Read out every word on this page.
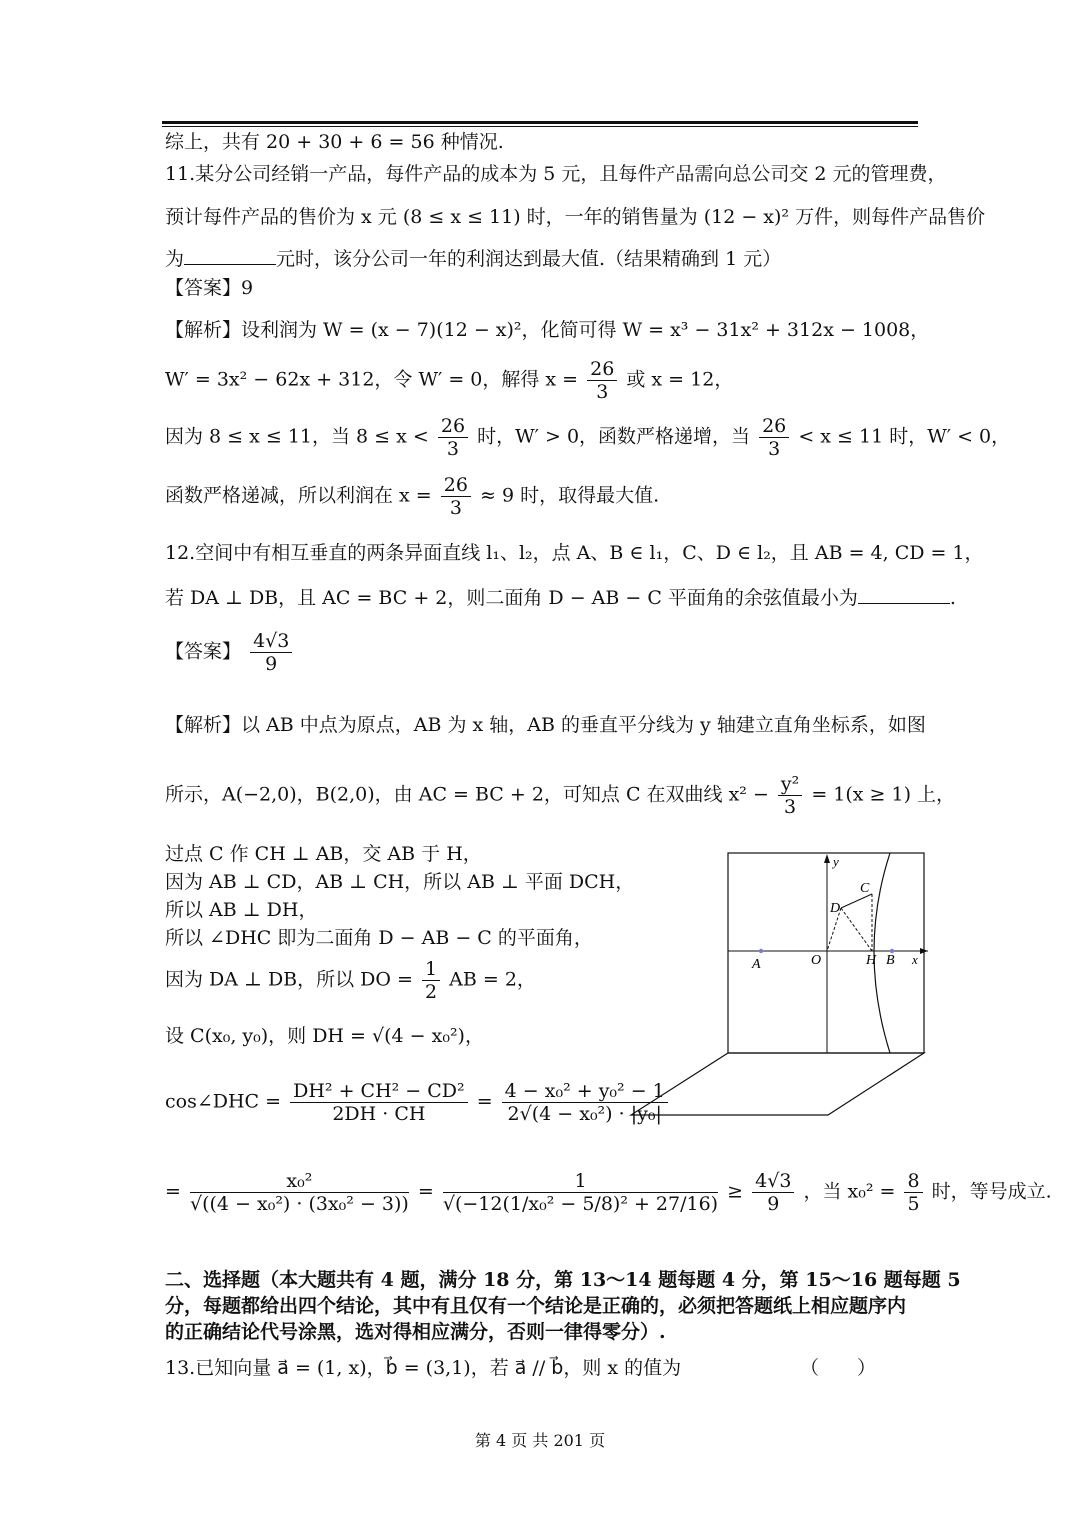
综上，共有 20 + 30 + 6 = 56 种情况.
11.某分公司经销一产品，每件产品的成本为 5 元，且每件产品需向总公司交 2 元的管理费，
预计每件产品的售价为 x 元 (8 ≤ x ≤ 11) 时，一年的销售量为 (12 − x)² 万件，则每件产品售价
为	元时，该分公司一年的利润达到最大值.（结果精确到 1 元）
【答案】9
【解析】设利润为 W = (x − 7)(12 − x)²，化简可得 W = x³ − 31x² + 312x − 1008，
W′ = 3x² − 62x + 312，令 W′ = 0，解得 $x = \frac{26}{3}$ 或 x = 12，
因为 8 ≤ x ≤ 11，当 $8 \le x < \frac{26}{3}$ 时，W′ > 0，函数严格递增，当 $\frac{26}{3} < x \le 11$ 时，W′ < 0，
函数严格递减，所以利润在 $x = \frac{26}{3} \approx 9$ 时，取得最大值.
12.空间中有相互垂直的两条异面直线 l₁、l₂，点 A、B ∈ l₁，C、D ∈ l₂，且 AB = 4, CD = 1，
若 DA ⊥ DB，且 AC = BC + 2，则二面角 D − AB − C 平面角的余弦值最小为	.
【答案】 $\frac{4√3}{9}$
【解析】以 AB 中点为原点，AB 为 x 轴，AB 的垂直平分线为 y 轴建立直角坐标系，如图
所示，A(−2,0)，B(2,0)，由 AC = BC + 2，可知点 C 在双曲线 $x^2 - \frac{\text{y²}}{3} = 1(x \ge 1)$ 上，
过点 C 作 CH ⊥ AB，交 AB 于 H，
因为 AB ⊥ CD，AB ⊥ CH，所以 AB ⊥ 平面 DCH，
所以 AB ⊥ DH，
所以 ∠DHC 即为二面角 D − AB − C 的平面角，
因为 DA ⊥ DB，所以 DO = $\frac{1}{2}$ AB = 2，
设 C(x₀, y₀)，则 DH = √(4 − x₀²)，
cos∠DHC = $\frac{\text{DH² + CH² − CD²}}{2DH \cdot CH} = \frac{\text{4 − x₀² + y₀² − 1}}{\text{2√(4 − x₀²) · |y₀|}}$
= $\frac{\text{x₀²}}{\text{√((4 − x₀²) · (3x₀² − 3))}} = \frac{1}{\text{√(−12(1/x₀² − 5/8)² + 27/16)}} \ge \frac{4√3}{9}$ ，当 $x_0^2 = \frac{8}{5}$ 时，等号成立.
二、选择题（本大题共有 4 题，满分 18 分，第 13～14 题每题 4 分，第 15～16 题每题 5
分，每题都给出四个结论，其中有且仅有一个结论是正确的，必须把答题纸上相应题序内
的正确结论代号涂黑，选对得相应满分，否则一律得零分）.
13.已知向量 a⃗ = (1, x)，b⃗ = (3,1)，若 a⃗ // b⃗，则 x 的值为	（　　）
y
x
C
D
A	O	H B
第 4 页 共 201 页
